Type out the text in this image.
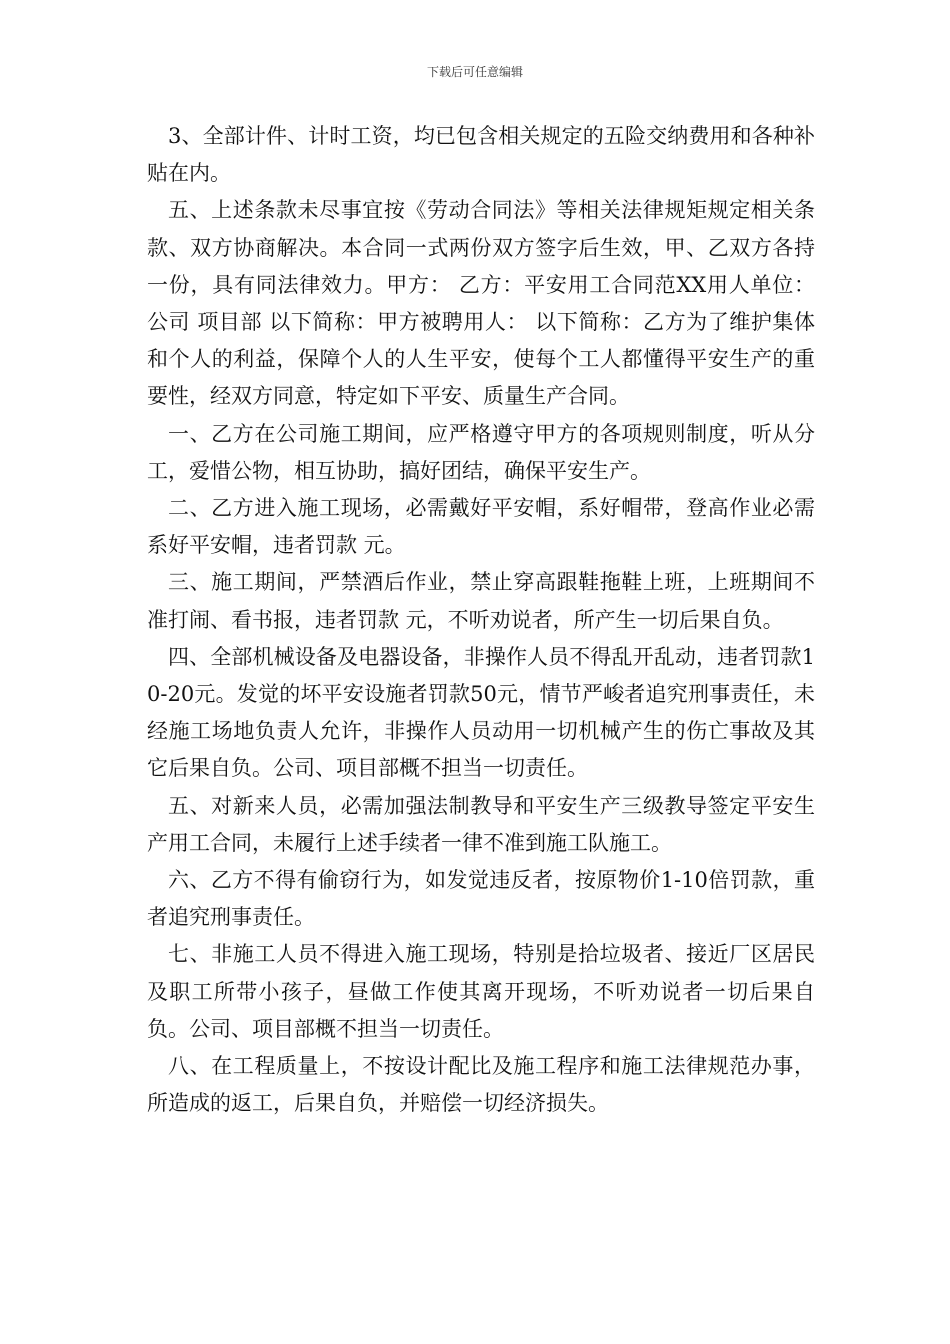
下载后可任意编辑

3、全部计件、计时工资，均已包含相关规定的五险交纳费用和各种补贴在内。

五、上述条款未尽事宜按《劳动合同法》等相关法律规矩规定相关条款、双方协商解决。本合同一式两份双方签字后生效，甲、乙双方各持一份，具有同法律效力。甲方： 乙方：平安用工合同范XX用人单位： 公司 项目部 以下简称：甲方被聘用人： 以下简称：乙方为了维护集体和个人的利益，保障个人的人生平安，使每个工人都懂得平安生产的重要性，经双方同意，特定如下平安、质量生产合同。

一、乙方在公司施工期间，应严格遵守甲方的各项规则制度，听从分工，爱惜公物，相互协助，搞好团结，确保平安生产。

二、乙方进入施工现场，必需戴好平安帽，系好帽带，登高作业必需系好平安帽，违者罚款 元。

三、施工期间，严禁酒后作业，禁止穿高跟鞋拖鞋上班，上班期间不准打闹、看书报，违者罚款 元，不听劝说者，所产生一切后果自负。

四、全部机械设备及电器设备，非操作人员不得乱开乱动，违者罚款10-20元。发觉的坏平安设施者罚款50元，情节严峻者追究刑事责任，未经施工场地负责人允许，非操作人员动用一切机械产生的伤亡事故及其它后果自负。公司、项目部概不担当一切责任。

五、对新来人员，必需加强法制教导和平安生产三级教导签定平安生产用工合同，未履行上述手续者一律不准到施工队施工。

六、乙方不得有偷窃行为，如发觉违反者，按原物价1-10倍罚款，重者追究刑事责任。

七、非施工人员不得进入施工现场，特别是拾垃圾者、接近厂区居民及职工所带小孩子，昼做工作使其离开现场，不听劝说者一切后果自负。公司、项目部概不担当一切责任。

八、在工程质量上，不按设计配比及施工程序和施工法律规范办事，所造成的返工，后果自负，并赔偿一切经济损失。
